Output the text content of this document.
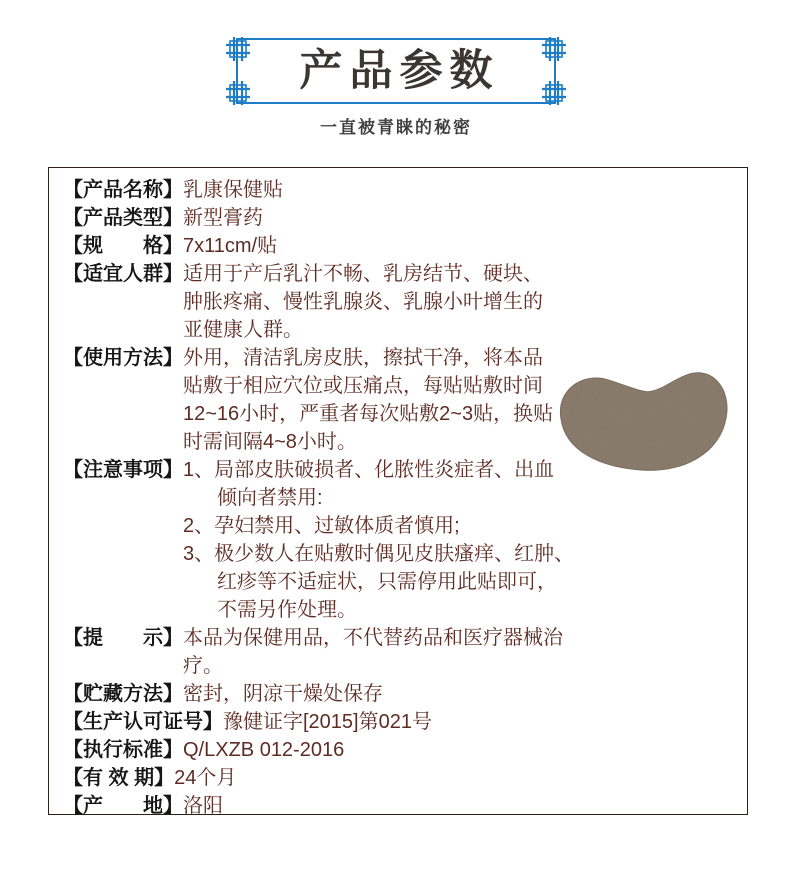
产品参数
一直被青睐的秘密
【产品名称】 乳康保健贴
【产品类型】 新型膏药
【规　　格】 7x11cm/贴
【适宜人群】 适用于产后乳汁不畅、乳房结节、硬块、
肿胀疼痛、慢性乳腺炎、乳腺小叶增生的
亚健康人群。
【使用方法】 外用，清洁乳房皮肤，擦拭干净，将本品
贴敷于相应穴位或压痛点，每贴贴敷时间
12~16小时，严重者每次贴敷2~3贴，换贴
时需间隔4~8小时。
【注意事项】 1、局部皮肤破损者、化脓性炎症者、出血
倾向者禁用:
2、孕妇禁用、过敏体质者慎用;
3、极少数人在贴敷时偶见皮肤瘙痒、红肿、
红疹等不适症状，只需停用此贴即可，
不需另作处理。
【提　　示】 本品为保健用品，不代替药品和医疗器械治
疗。
【贮藏方法】 密封，阴凉干燥处保存
【生产认可证号】 豫健证字[2015]第021号
【执行标准】 Q/LXZB 012-2016
【有 效 期】 24个月
【产　　地】 洛阳
